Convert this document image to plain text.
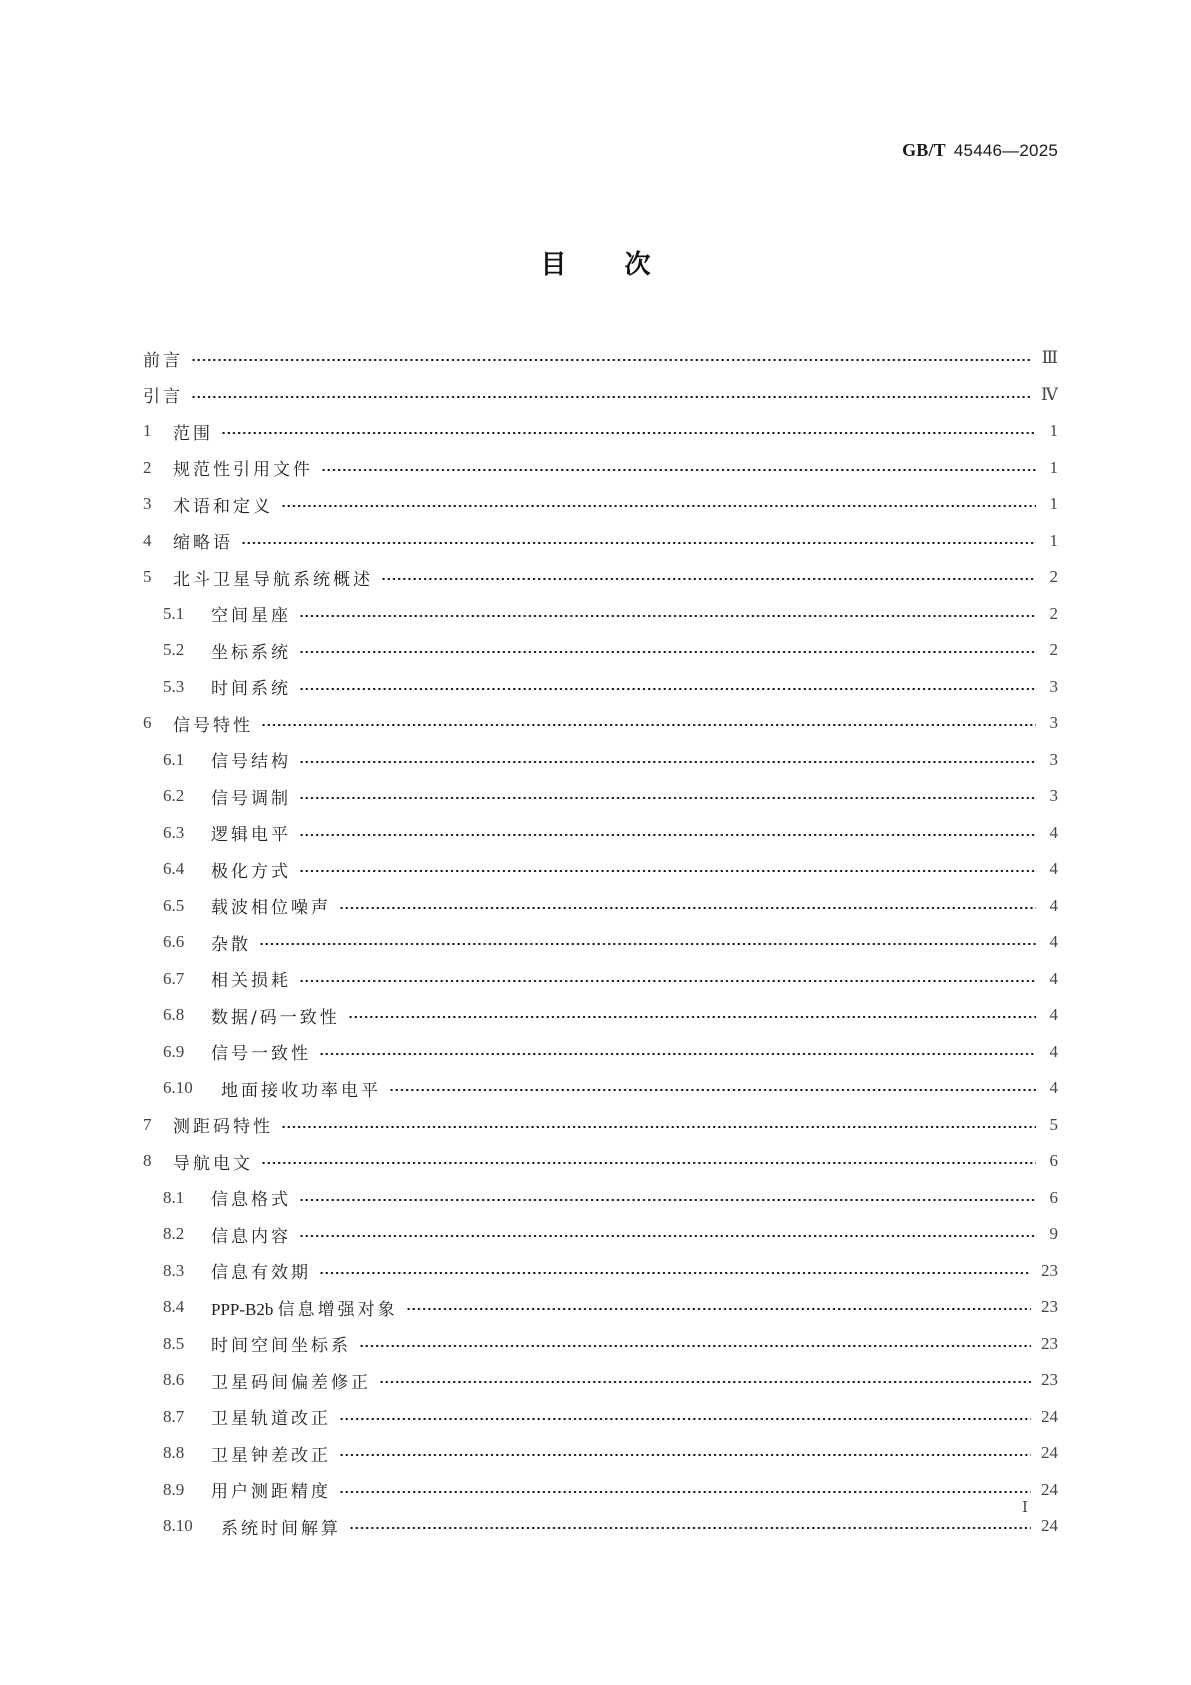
GB/T 45446—2025
目次
前言	Ⅲ
引言	Ⅳ
1	范围	1
2	规范性引用文件	1
3	术语和定义	1
4	缩略语	1
5	北斗卫星导航系统概述	2
5.1	空间星座	2
5.2	坐标系统	2
5.3	时间系统	3
6	信号特性	3
6.1	信号结构	3
6.2	信号调制	3
6.3	逻辑电平	4
6.4	极化方式	4
6.5	载波相位噪声	4
6.6	杂散	4
6.7	相关损耗	4
6.8	数据/码一致性	4
6.9	信号一致性	4
6.10	地面接收功率电平	4
7	测距码特性	5
8	导航电文	6
8.1	信息格式	6
8.2	信息内容	9
8.3	信息有效期	23
8.4	PPP-B2b 信息增强对象	23
8.5	时间空间坐标系	23
8.6	卫星码间偏差修正	23
8.7	卫星轨道改正	24
8.8	卫星钟差改正	24
8.9	用户测距精度	24
8.10	系统时间解算	24
Ⅰ
